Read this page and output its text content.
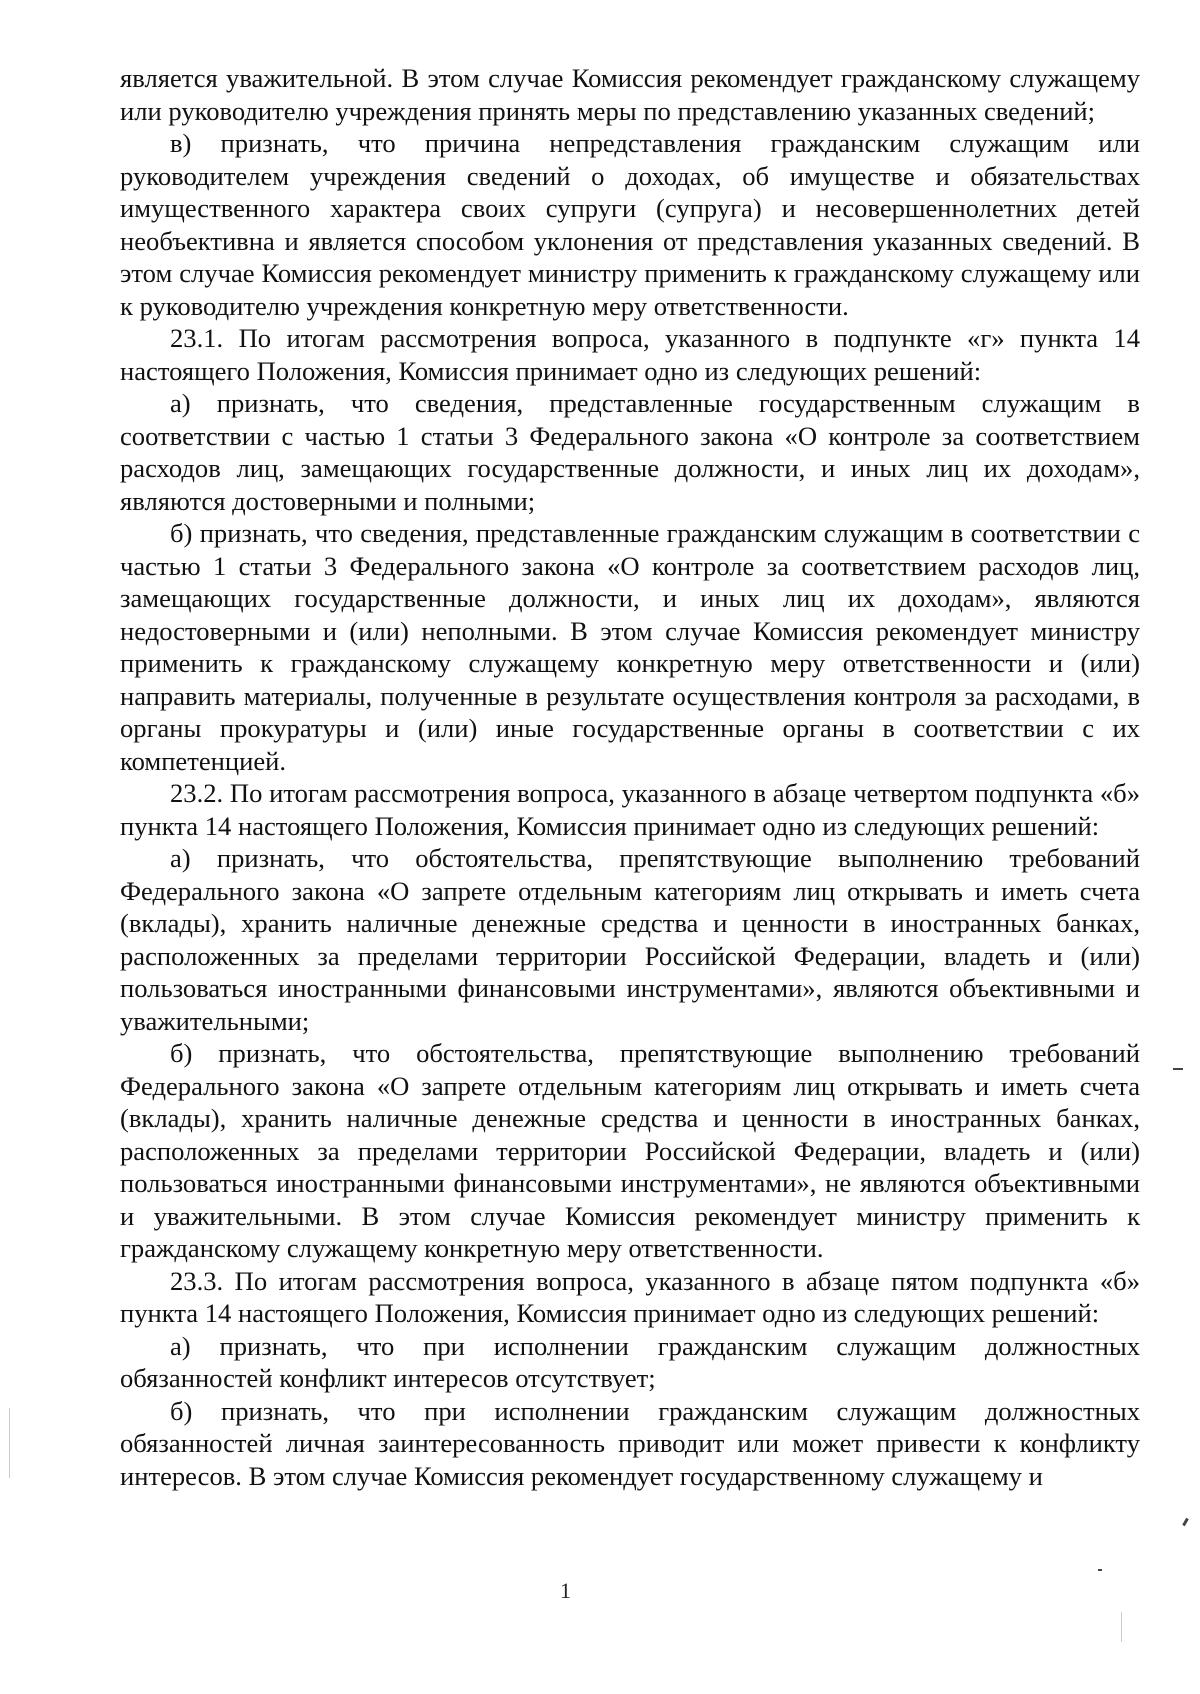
является уважительной. В этом случае Комиссия рекомендует гражданскому служащему или руководителю учреждения принять меры по представлению указанных сведений;

в) признать, что причина непредставления гражданским служащим или руководителем учреждения сведений о доходах, об имуществе и обязательствах имущественного характера своих супруги (супруга) и несовершеннолетних детей необъективна и является способом уклонения от представления указанных сведений. В этом случае Комиссия рекомендует министру применить к гражданскому служащему или к руководителю учреждения конкретную меру ответственности.

23.1. По итогам рассмотрения вопроса, указанного в подпункте «г» пункта 14 настоящего Положения, Комиссия принимает одно из следующих решений:

а) признать, что сведения, представленные государственным служащим в соответствии с частью 1 статьи 3 Федерального закона «О контроле за соответствием расходов лиц, замещающих государственные должности, и иных лиц их доходам», являются достоверными и полными;

б) признать, что сведения, представленные гражданским служащим в соответствии с частью 1 статьи 3 Федерального закона «О контроле за соответствием расходов лиц, замещающих государственные должности, и иных лиц их доходам», являются недостоверными и (или) неполными. В этом случае Комиссия рекомендует министру применить к гражданскому служащему конкретную меру ответственности и (или) направить материалы, полученные в результате осуществления контроля за расходами, в органы прокуратуры и (или) иные государственные органы в соответствии с их компетенцией.

23.2. По итогам рассмотрения вопроса, указанного в абзаце четвертом подпункта «б» пункта 14 настоящего Положения, Комиссия принимает одно из следующих решений:

а) признать, что обстоятельства, препятствующие выполнению требований Федерального закона «О запрете отдельным категориям лиц открывать и иметь счета (вклады), хранить наличные денежные средства и ценности в иностранных банках, расположенных за пределами территории Российской Федерации, владеть и (или) пользоваться иностранными финансовыми инструментами», являются объективными и уважительными;

б) признать, что обстоятельства, препятствующие выполнению требований Федерального закона «О запрете отдельным категориям лиц открывать и иметь счета (вклады), хранить наличные денежные средства и ценности в иностранных банках, расположенных за пределами территории Российской Федерации, владеть и (или) пользоваться иностранными финансовыми инструментами», не являются объективными и уважительными. В этом случае Комиссия рекомендует министру применить к гражданскому служащему конкретную меру ответственности.

23.3. По итогам рассмотрения вопроса, указанного в абзаце пятом подпункта «б» пункта 14 настоящего Положения, Комиссия принимает одно из следующих решений:

а) признать, что при исполнении гражданским служащим должностных обязанностей конфликт интересов отсутствует;

б) признать, что при исполнении гражданским служащим должностных обязанностей личная заинтересованность приводит или может привести к конфликту интересов. В этом случае Комиссия рекомендует государственному служащему и

1
